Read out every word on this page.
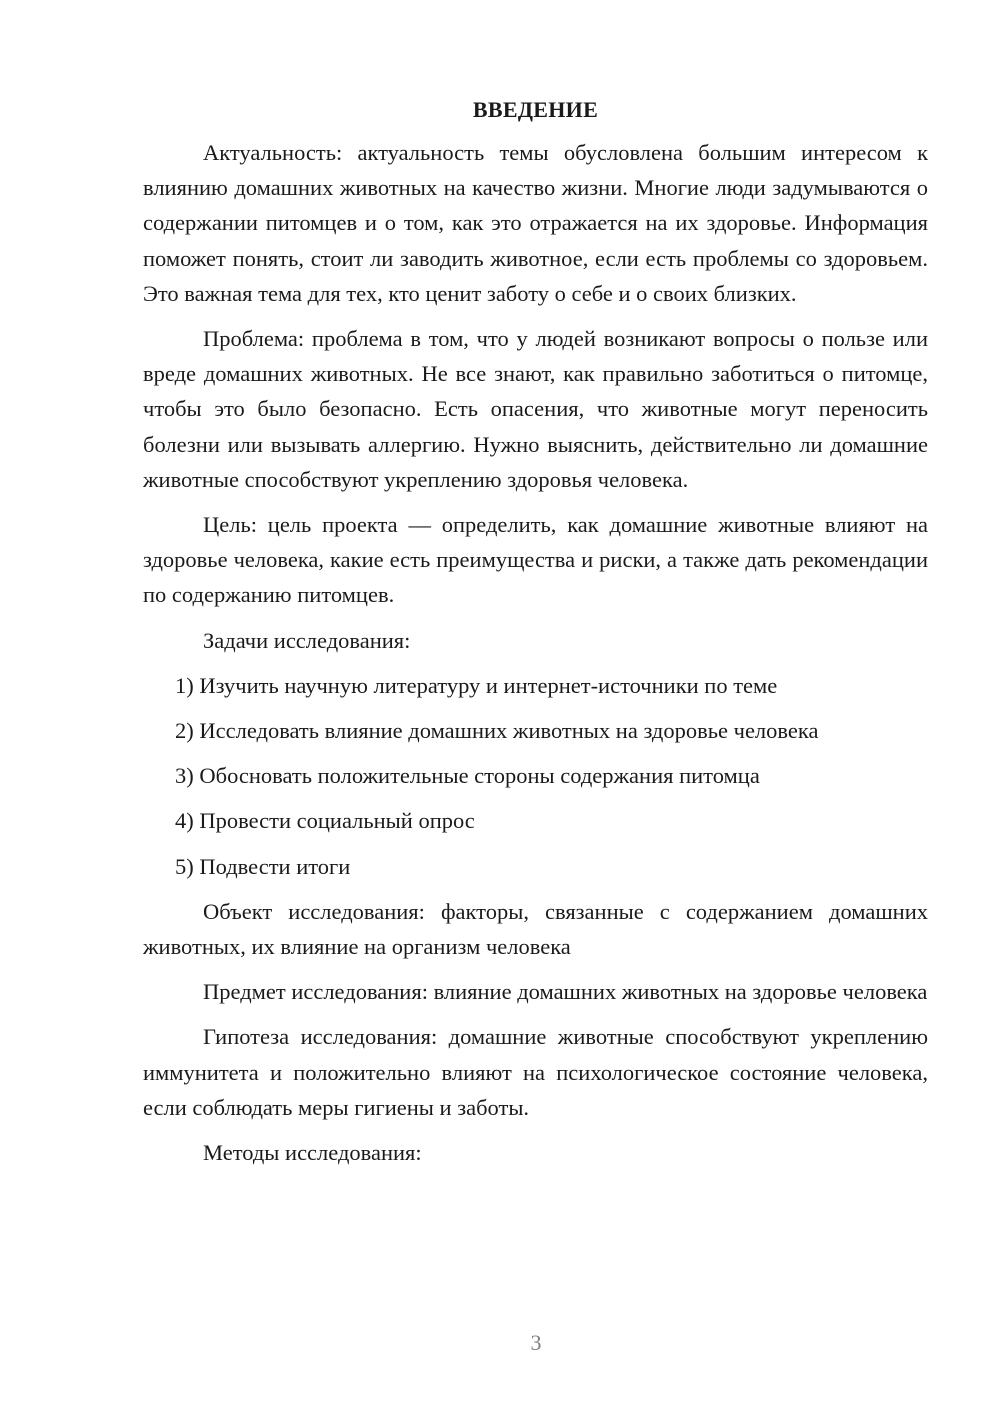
ВВЕДЕНИЕ

Актуальность: актуальность темы обусловлена большим интересом к влиянию домашних животных на качество жизни. Многие люди задумываются о содержании питомцев и о том, как это отражается на их здоровье. Информация поможет понять, стоит ли заводить животное, если есть проблемы со здоровьем. Это важная тема для тех, кто ценит заботу о себе и о своих близких.

Проблема: проблема в том, что у людей возникают вопросы о пользе или вреде домашних животных. Не все знают, как правильно заботиться о питомце, чтобы это было безопасно. Есть опасения, что животные могут переносить болезни или вызывать аллергию. Нужно выяснить, действительно ли домашние животные способствуют укреплению здоровья человека.

Цель: цель проекта — определить, как домашние животные влияют на здоровье человека, какие есть преимущества и риски, а также дать рекомендации по содержанию питомцев.

Задачи исследования:

1) Изучить научную литературу и интернет-источники по теме
2) Исследовать влияние домашних животных на здоровье человека
3) Обосновать положительные стороны содержания питомца
4) Провести социальный опрос
5) Подвести итоги

Объект исследования: факторы, связанные с содержанием домашних животных, их влияние на организм человека

Предмет исследования: влияние домашних животных на здоровье человека

Гипотеза исследования: домашние животные способствуют укреплению иммунитета и положительно влияют на психологическое состояние человека, если соблюдать меры гигиены и заботы.

Методы исследования:

3
